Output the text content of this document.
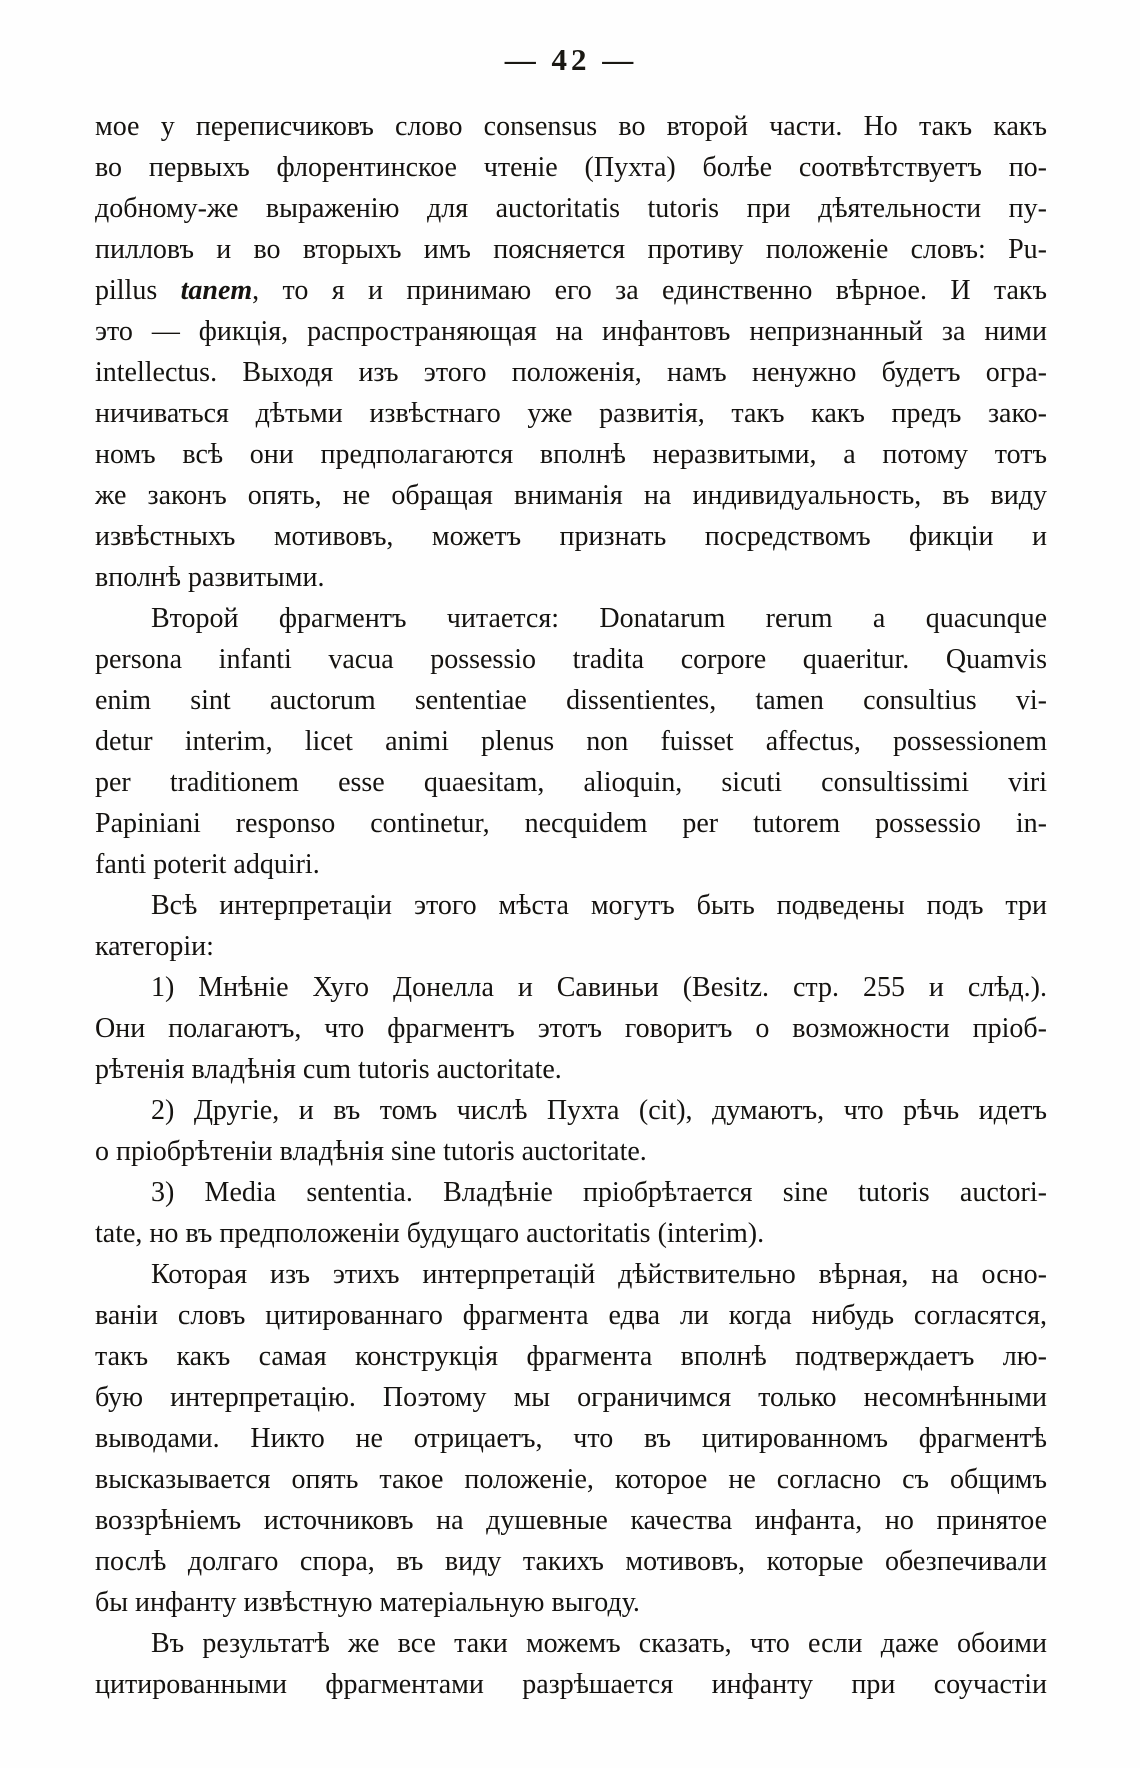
— 42 —
мое у переписчиковъ слово consensus во второй части. Но такъ какъ
во первыхъ флорентинское чтеніе (Пухта) болѣе соотвѣтствуетъ по-
добному-же выраженію для auctoritatis tutoris при дѣятельности пу-
пилловъ и во вторыхъ имъ поясняется противу положеніе словъ: Pu-
pillus tanem, то я и принимаю его за единственно вѣрное. И такъ
это — фикція, распространяющая на инфантовъ непризнанный за ними
intellectus. Выходя изъ этого положенія, намъ ненужно будетъ огра-
ничиваться дѣтьми извѣстнаго уже развитія, такъ какъ предъ зако-
номъ всѣ они предполагаются вполнѣ неразвитыми, а потому тотъ
же законъ опять, не обращая вниманія на индивидуальность, въ виду
извѣстныхъ мотивовъ, можетъ признать посредствомъ фикціи и
вполнѣ развитыми.
Второй фрагментъ читается: Donatarum rerum a quacunque
persona infanti vacua possessio tradita corpore quaeritur. Quamvis
enim sint auctorum sententiae dissentientes, tamen consultius vi-
detur interim, licet animi plenus non fuisset affectus, possessionem
per traditionem esse quaesitam, alioquin, sicuti consultissimi viri
Papiniani responso continetur, necquidem per tutorem possessio in-
fanti poterit adquiri.
Всѣ интерпретаціи этого мѣста могутъ быть подведены подъ три
категоріи:
1) Мнѣніе Хуго Донелла и Савиньи (Besitz. стр. 255 и слѣд.).
Они полагаютъ, что фрагментъ этотъ говоритъ о возможности пріоб-
рѣтенія владѣнія cum tutoris auctoritate.
2) Другіе, и въ томъ числѣ Пухта (cit), думаютъ, что рѣчь идетъ
о пріобрѣтеніи владѣнія sine tutoris auctoritate.
3) Media sententia. Владѣніе пріобрѣтается sine tutoris auctori-
tate, но въ предположеніи будущаго auctoritatis (interim).
Которая изъ этихъ интерпретацій дѣйствительно вѣрная, на осно-
ваніи словъ цитированнаго фрагмента едва ли когда нибудь согласятся,
такъ какъ самая конструкція фрагмента вполнѣ подтверждаетъ лю-
бую интерпретацію. Поэтому мы ограничимся только несомнѣнными
выводами. Никто не отрицаетъ, что въ цитированномъ фрагментѣ
высказывается опять такое положеніе, которое не согласно съ общимъ
воззрѣніемъ источниковъ на душевные качества инфанта, но принятое
послѣ долгаго спора, въ виду такихъ мотивовъ, которые обезпечивали
бы инфанту извѣстную матеріальную выгоду.
Въ результатѣ же все таки можемъ сказать, что если даже обоими
цитированными фрагментами разрѣшается инфанту при соучастіи
